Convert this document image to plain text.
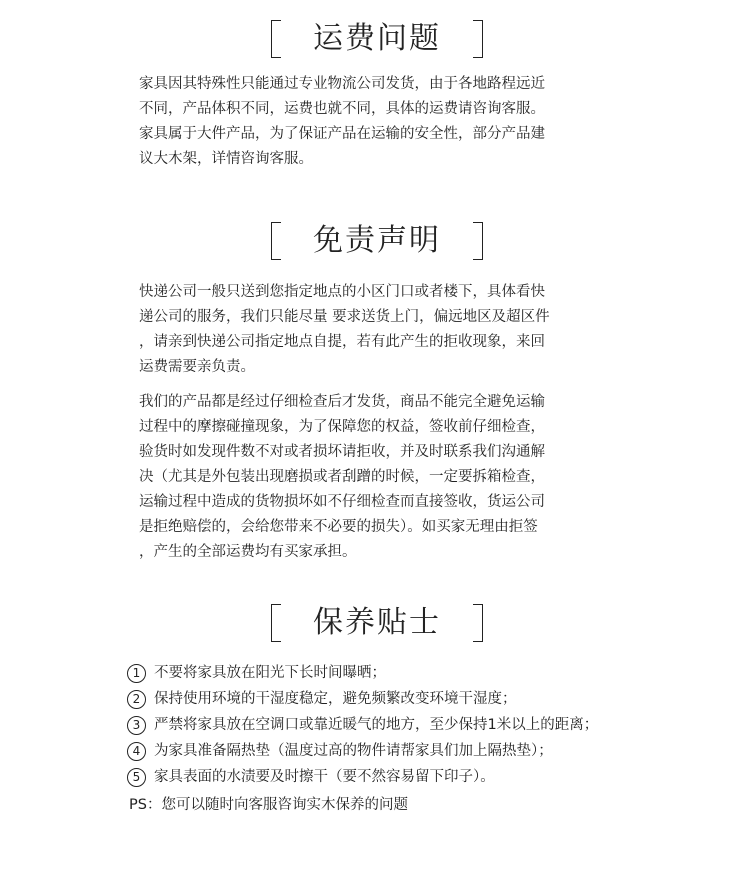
运费问题
家具因其特殊性只能通过专业物流公司发货，由于各地路程远近
不同，产品体积不同，运费也就不同，具体的运费请咨询客服。
家具属于大件产品，为了保证产品在运输的安全性，部分产品建
议大木架，详情咨询客服。
免责声明
快递公司一般只送到您指定地点的小区门口或者楼下，具体看快
递公司的服务，我们只能尽量 要求送货上门，偏远地区及超区件
，请亲到快递公司指定地点自提，若有此产生的拒收现象，来回
运费需要亲负责。
我们的产品都是经过仔细检查后才发货，商品不能完全避免运输
过程中的摩擦碰撞现象，为了保障您的权益，签收前仔细检查，
验货时如发现件数不对或者损坏请拒收，并及时联系我们沟通解
决（尤其是外包装出现磨损或者刮蹭的时候，一定要拆箱检查，
运输过程中造成的货物损坏如不仔细检查而直接签收，货运公司
是拒绝赔偿的，会给您带来不必要的损失）。如买家无理由拒签
，产生的全部运费均有买家承担。
保养贴士
1 不要将家具放在阳光下长时间曝晒；
2 保持使用环境的干湿度稳定，避免频繁改变环境干湿度；
3 严禁将家具放在空调口或靠近暖气的地方，至少保持1米以上的距离；
4 为家具准备隔热垫（温度过高的物件请帮家具们加上隔热垫）；
5 家具表面的水渍要及时擦干（要不然容易留下印子）。
PS：您可以随时向客服咨询实木保养的问题
